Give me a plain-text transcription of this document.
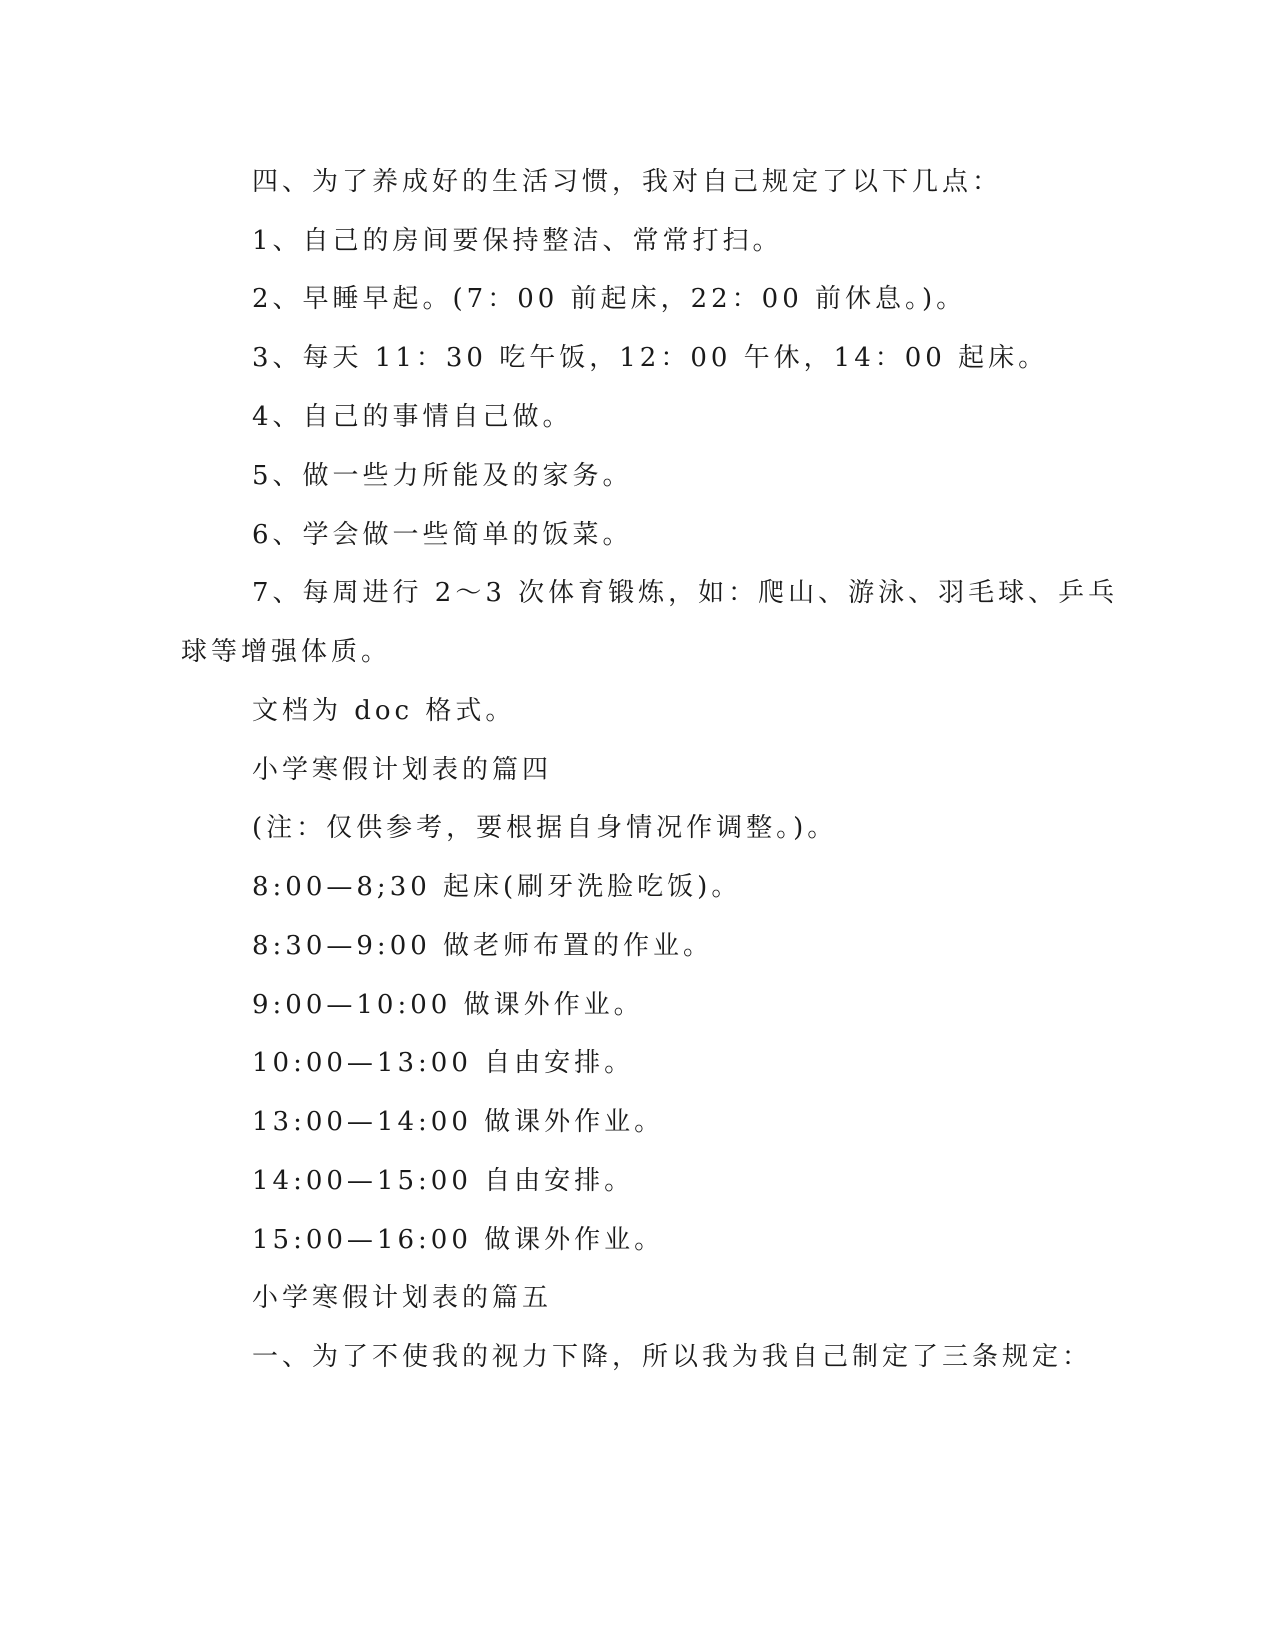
四、为了养成好的生活习惯，我对自己规定了以下几点：

1、自己的房间要保持整洁、常常打扫。

2、早睡早起。(7：00 前起床，22：00 前休息。)。

3、每天 11：30 吃午饭，12：00 午休，14：00 起床。

4、自己的事情自己做。

5、做一些力所能及的家务。

6、学会做一些简单的饭菜。

7、每周进行 2～3 次体育锻炼，如：爬山、游泳、羽毛球、乒乓

球等增强体质。

文档为 doc 格式。

小学寒假计划表的篇四

(注：仅供参考，要根据自身情况作调整。)。

8:00—8;30 起床(刷牙洗脸吃饭)。

8:30—9:00 做老师布置的作业。

9:00—10:00 做课外作业。

10:00—13:00 自由安排。

13:00—14:00 做课外作业。

14:00—15:00 自由安排。

15:00—16:00 做课外作业。

小学寒假计划表的篇五

一、为了不使我的视力下降，所以我为我自己制定了三条规定：
